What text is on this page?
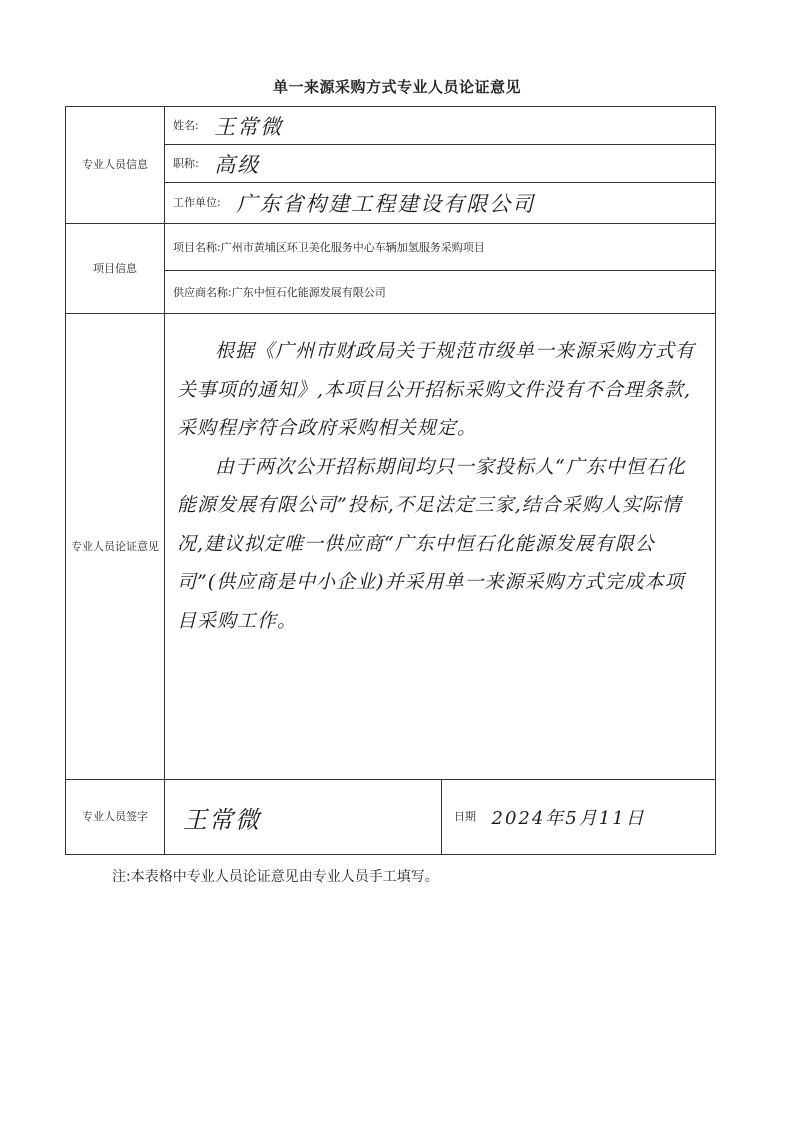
单一来源采购方式专业人员论证意见
专业人员信息	姓名: 王常微	
	职称: 高级	
	工作单位: 广东省构建工程建设有限公司	
项目信息	项目名称:广州市黄埔区环卫美化服务中心车辆加氢服务采购项目	
	供应商名称:广东中恒石化能源发展有限公司	
专业人员论证意见	根据《广州市财政局关于规范市级单一来源采购方式有关事项的通知》,本项目公开招标采购文件没有不合理条款,采购程序符合政府采购相关规定。

由于两次公开招标期间均只一家投标人“广东中恒石化能源发展有限公司”投标,不足法定三家,结合采购人实际情况,建议拟定唯一供应商“广东中恒石化能源发展有限公司”(供应商是中小企业)并采用单一来源采购方式完成本项目采购工作。	

专业人员签字	王常微	日期 2024年5月11日
注:本表格中专业人员论证意见由专业人员手工填写。
